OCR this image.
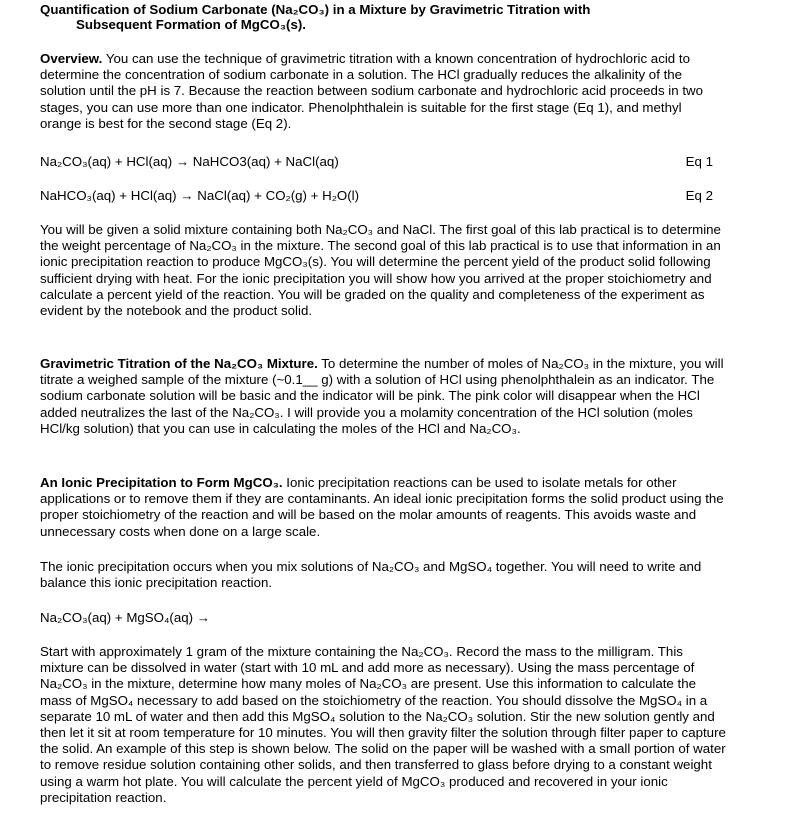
Quantification of Sodium Carbonate (Na₂CO₃) in a Mixture by Gravimetric Titration with
Subsequent Formation of MgCO₃(s).

Overview. You can use the technique of gravimetric titration with a known concentration of hydrochloric acid to determine the concentration of sodium carbonate in a solution. The HCl gradually reduces the alkalinity of the solution until the pH is 7. Because the reaction between sodium carbonate and hydrochloric acid proceeds in two stages, you can use more than one indicator. Phenolphthalein is suitable for the first stage (Eq 1), and methyl orange is best for the second stage (Eq 2).

Na₂CO₃(aq) + HCl(aq) → NaHCO3(aq) + NaCl(aq)	Eq 1
NaHCO₃(aq) + HCl(aq) → NaCl(aq) + CO₂(g) + H₂O(l)	Eq 2

You will be given a solid mixture containing both Na₂CO₃ and NaCl. The first goal of this lab practical is to determine the weight percentage of Na₂CO₃ in the mixture. The second goal of this lab practical is to use that information in an ionic precipitation reaction to produce MgCO₃(s). You will determine the percent yield of the product solid following sufficient drying with heat. For the ionic precipitation you will show how you arrived at the proper stoichiometry and calculate a percent yield of the reaction. You will be graded on the quality and completeness of the experiment as evident by the notebook and the product solid.

Gravimetric Titration of the Na₂CO₃ Mixture. To determine the number of moles of Na₂CO₃ in the mixture, you will titrate a weighed sample of the mixture (~0.1__ g) with a solution of HCl using phenolphthalein as an indicator. The sodium carbonate solution will be basic and the indicator will be pink. The pink color will disappear when the HCl added neutralizes the last of the Na₂CO₃. I will provide you a molamity concentration of the HCl solution (moles HCl/kg solution) that you can use in calculating the moles of the HCl and Na₂CO₃.

An Ionic Precipitation to Form MgCO₃. Ionic precipitation reactions can be used to isolate metals for other applications or to remove them if they are contaminants. An ideal ionic precipitation forms the solid product using the proper stoichiometry of the reaction and will be based on the molar amounts of reagents. This avoids waste and unnecessary costs when done on a large scale.

The ionic precipitation occurs when you mix solutions of Na₂CO₃ and MgSO₄ together. You will need to write and balance this ionic precipitation reaction.

Na₂CO₃(aq) + MgSO₄(aq) →

Start with approximately 1 gram of the mixture containing the Na₂CO₃. Record the mass to the milligram. This mixture can be dissolved in water (start with 10 mL and add more as necessary). Using the mass percentage of Na₂CO₃ in the mixture, determine how many moles of Na₂CO₃ are present. Use this information to calculate the mass of MgSO₄ necessary to add based on the stoichiometry of the reaction. You should dissolve the MgSO₄ in a separate 10 mL of water and then add this MgSO₄ solution to the Na₂CO₃ solution. Stir the new solution gently and then let it sit at room temperature for 10 minutes. You will then gravity filter the solution through filter paper to capture the solid. An example of this step is shown below. The solid on the paper will be washed with a small portion of water to remove residue solution containing other solids, and then transferred to glass before drying to a constant weight using a warm hot plate. You will calculate the percent yield of MgCO₃ produced and recovered in your ionic precipitation reaction.
